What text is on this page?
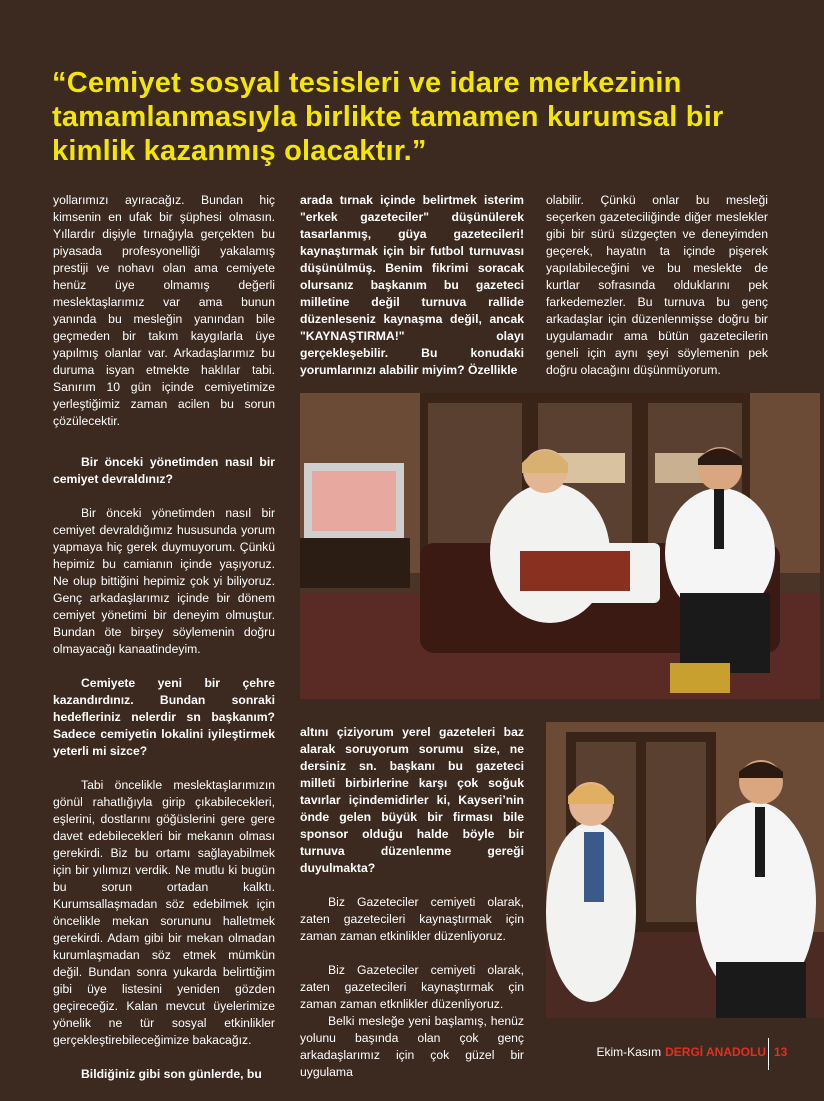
“Cemiyet sosyal tesisleri ve idare merkezinin tamamlanmasıyla birlikte tamamen kurumsal bir kimlik kazanmış olacaktır.”

yollarımızı ayıracağız. Bundan hiç kimsenin en ufak bir şüphesi olmasın. Yıllardır dişiyle tırnağıyla gerçekten bu piyasada profesyonelliği yakalamış prestiji ve nohavı olan ama cemiyete henüz üye olmamış değerli meslektaşlarımız var ama bunun yanında bu mesleğin yanından bile geçmeden bir takım kaygılarla üye yapılmış olanlar var. Arkadaşlarımız bu duruma isyan etmekte haklılar tabi. Sanırım 10 gün içinde cemiyetimize yerleştiğimiz zaman acilen bu sorun çözülecektir.

Bir önceki yönetimden nasıl bir cemiyet devraldınız?

Bir önceki yönetimden nasıl bir cemiyet devraldığımız hususunda yorum yapmaya hiç gerek duymuyorum. Çünkü hepimiz bu camianın içinde yaşıyoruz. Ne olup bittiğini hepimiz çok yi biliyoruz. Genç arkadaşlarımız içinde bir dönem cemiyet yönetimi bir deneyim olmuştur. Bundan öte birşey söylemenin doğru olmayacağı kanaatindeyim.

Cemiyete yeni bir çehre kazandırdınız. Bundan sonraki hedefleriniz nelerdir sn başkanım? Sadece cemiyetin lokalini iyileştirmek yeterli mi sizce?

Tabi öncelikle meslektaşlarımızın gönül rahatlığıyla girip çıkabilecekleri, eşlerini, dostlarını göğüslerini gere gere davet edebilecekleri bir mekanın olması gerekirdi. Biz bu ortamı sağlayabilmek için bir yılımızı verdik. Ne mutlu ki bugün bu sorun ortadan kalktı. Kurumsallaşmadan söz edebilmek için öncelikle mekan sorununu halletmek gerekirdi. Adam gibi bir mekan olmadan kurumlaşmadan söz etmek mümkün değil. Bundan sonra yukarda belirttiğim gibi üye listesini yeniden gözden geçireceğiz. Kalan mevcut üyelerimize yönelik ne tür sosyal etkinlikler gerçekleştirebileceğimize bakacağız.

Bildiğiniz gibi son günlerde, bu

arada tırnak içinde belirtmek isterim "erkek gazeteciler" düşünülerek tasarlanmış, güya gazetecileri! kaynaştırmak için bir futbol turnuvası düşünülmüş. Benim fikrimi soracak olursanız başkanım bu gazeteci milletine değil turnuva rallide düzenleseniz kaynaşma değil, ancak "KAYNAŞTIRMA!" olayı gerçekleşebilir. Bu konudaki yorumlarınızı alabilir miyim? Özellikle

olabilir. Çünkü onlar bu mesleği seçerken gazeteciliğinde diğer meslekler gibi bir sürü süzgeçten ve deneyimden geçerek, hayatın ta içinde pişerek yapılabileceğini ve bu meslekte de kurtlar sofrasında olduklarını pek farkedemezler. Bu turnuva bu genç arkadaşlar için düzenlenmişse doğru bir uygulamadır ama bütün gazetecilerin geneli için aynı şeyi söylemenin pek doğru olacağını düşünmüyorum.

altını çiziyorum yerel gazeteleri baz alarak soruyorum sorumu size, ne dersiniz sn. başkanı bu gazeteci milleti birbirlerine karşı çok soğuk tavırlar içindemidirler ki, Kayseri’nin önde gelen büyük bir firması bile sponsor olduğu halde böyle bir turnuva düzenlenme gereği duyulmakta?

Biz Gazeteciler cemiyeti olarak, zaten gazetecileri kaynaştırmak için zaman zaman etkinlikler düzenliyoruz.

Biz Gazeteciler cemiyeti olarak, zaten gazetecileri kaynaştırmak çin zaman zaman etknlikler düzenliyoruz.

Belki mesleğe yeni başlamış, henüz yolunu başında olan çok genç arkadaşlarımız için çok güzel bir uygulama

Ekim-Kasım DERGİ ANADOLU 13
